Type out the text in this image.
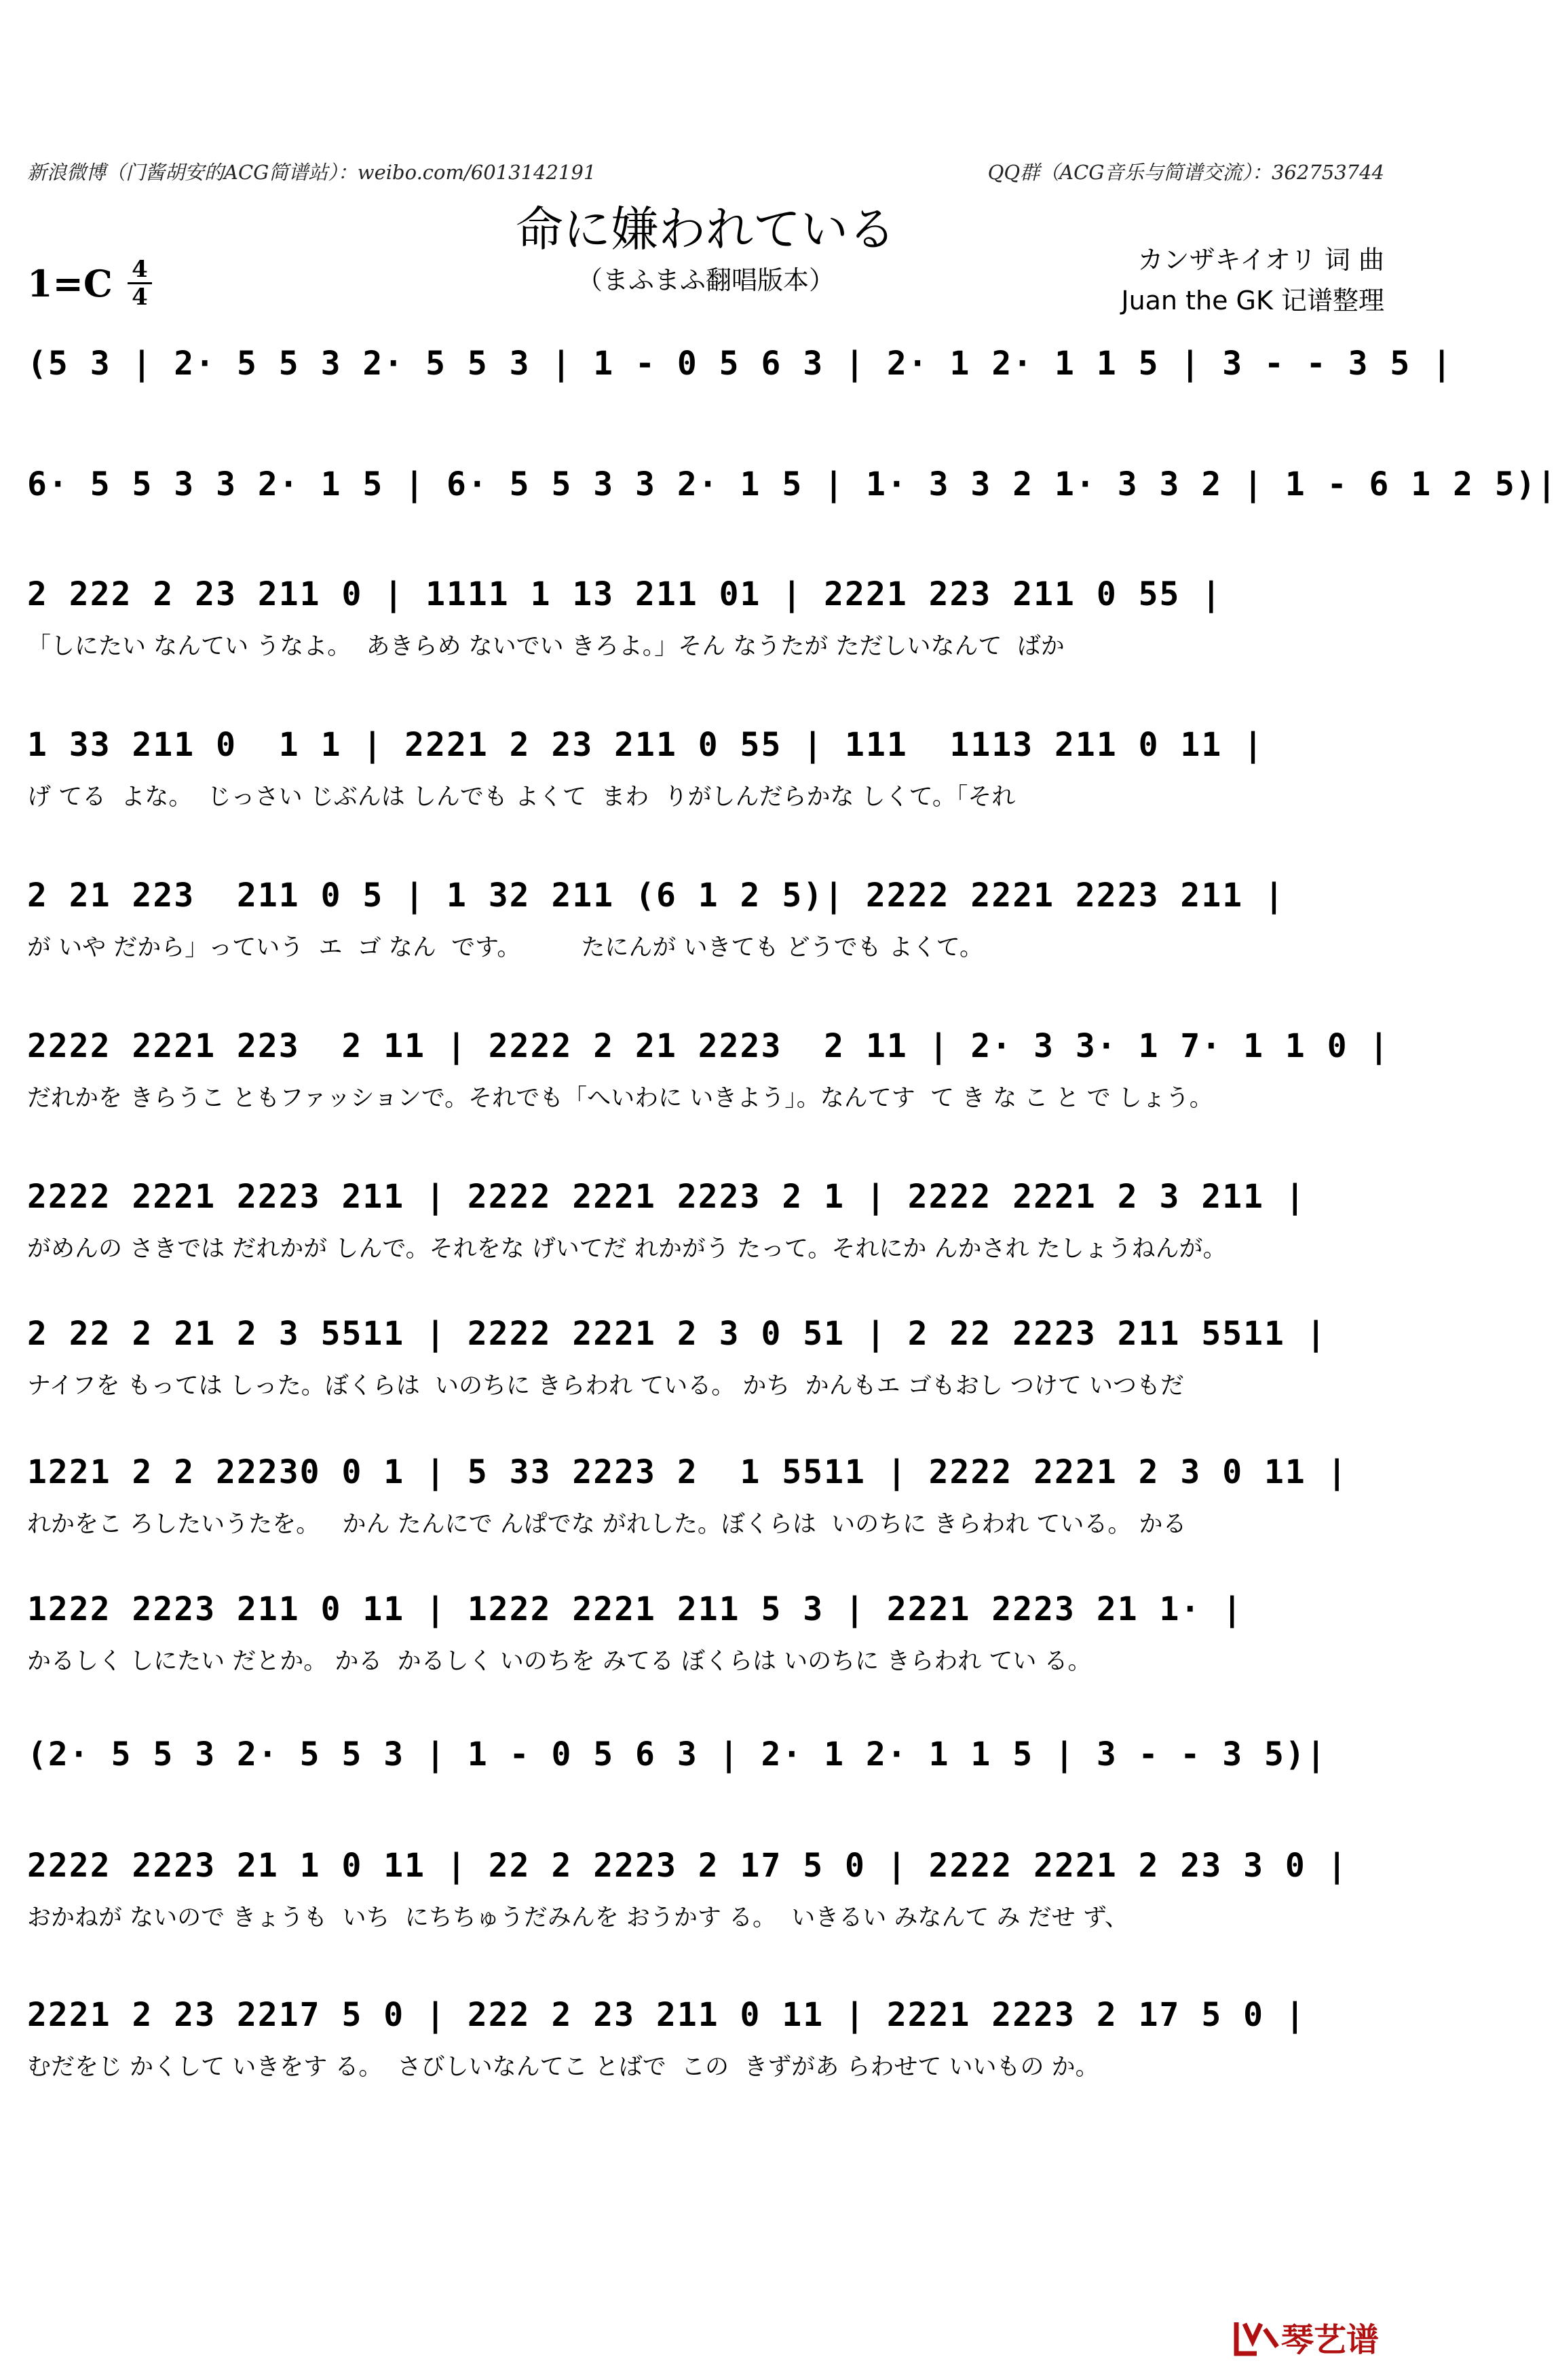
新浪微博（门酱胡安的ACG简谱站）：weibo.com/6013142191	QQ群（ACG音乐与简谱交流）：362753744
命に嫌われている
（まふまふ翻唱版本）
1=C 4
4
カンザキイオリ 词 曲
Juan the GK 记谱整理
(5 3 | 2· 5 5 3 2· 5 5 3 | 1 - 0 5 6 3 | 2· 1 2· 1 1 5 | 3 - - 3 5 |
6· 5 5 3 3 2· 1 5 | 6· 5 5 3 3 2· 1 5 | 1· 3 3 2 1· 3 3 2 | 1 - 6 1 2 5)|
2 222 2 23 211 0 | 1111 1 13 211 01 | 2221 223 211 0 55 |
「しにたい なんてい うなよ。  あきらめ ないでい きろよ。」そん なうたが ただしいなんて  ばか
1 33 211 0  1 1 | 2221 2 23 211 0 55 | 111  1113 211 0 11 |
げ てる  よな。  じっさい じぶんは しんでも よくて  まわ  りがしんだらかな しくて。「それ
2 21 223  211 0 5 | 1 32 211 (6 1 2 5)| 2222 2221 2223 211 |
が いや だから」っていう  エ  ゴ なん  です。        たにんが いきても どうでも よくて。
2222 2221 223  2 11 | 2222 2 21 2223  2 11 | 2· 3 3· 1 7· 1 1 0 |
だれかを きらうこ ともファッションで。それでも「へいわに いきよう」。なんてす  て き な こ と で しょう。
2222 2221 2223 211 | 2222 2221 2223 2 1 | 2222 2221 2 3 211 |
がめんの さきでは だれかが しんで。それをな げいてだ れかがう たって。それにか んかされ たしょうねんが。
2 22 2 21 2 3 5511 | 2222 2221 2 3 0 51 | 2 22 2223 211 5511 |
ナイフを もっては しった。ぼくらは  いのちに きらわれ ている。 かち  かんもエ ゴもおし つけて いつもだ
1221 2 2 22230 0 1 | 5 33 2223 2  1 5511 | 2222 2221 2 3 0 11 |
れかをこ ろしたいうたを。   かん たんにで んぱでな がれした。ぼくらは  いのちに きらわれ ている。 かる
1222 2223 211 0 11 | 1222 2221 211 5 3 | 2221 2223 21 1· |
かるしく しにたい だとか。 かる  かるしく いのちを みてる ぼくらは いのちに きらわれ てい る。
(2· 5 5 3 2· 5 5 3 | 1 - 0 5 6 3 | 2· 1 2· 1 1 5 | 3 - - 3 5)|
2222 2223 21 1 0 11 | 22 2 2223 2 17 5 0 | 2222 2221 2 23 3 0 |
おかねが ないので きょうも  いち  にちちゅうだみんを おうかす る。  いきるい みなんて み だせ ず、
2221 2 23 2217 5 0 | 222 2 23 211 0 11 | 2221 2223 2 17 5 0 |
むだをじ かくして いきをす る。  さびしいなんてこ とばで  この  きずがあ らわせて いいもの か。
琴艺谱
